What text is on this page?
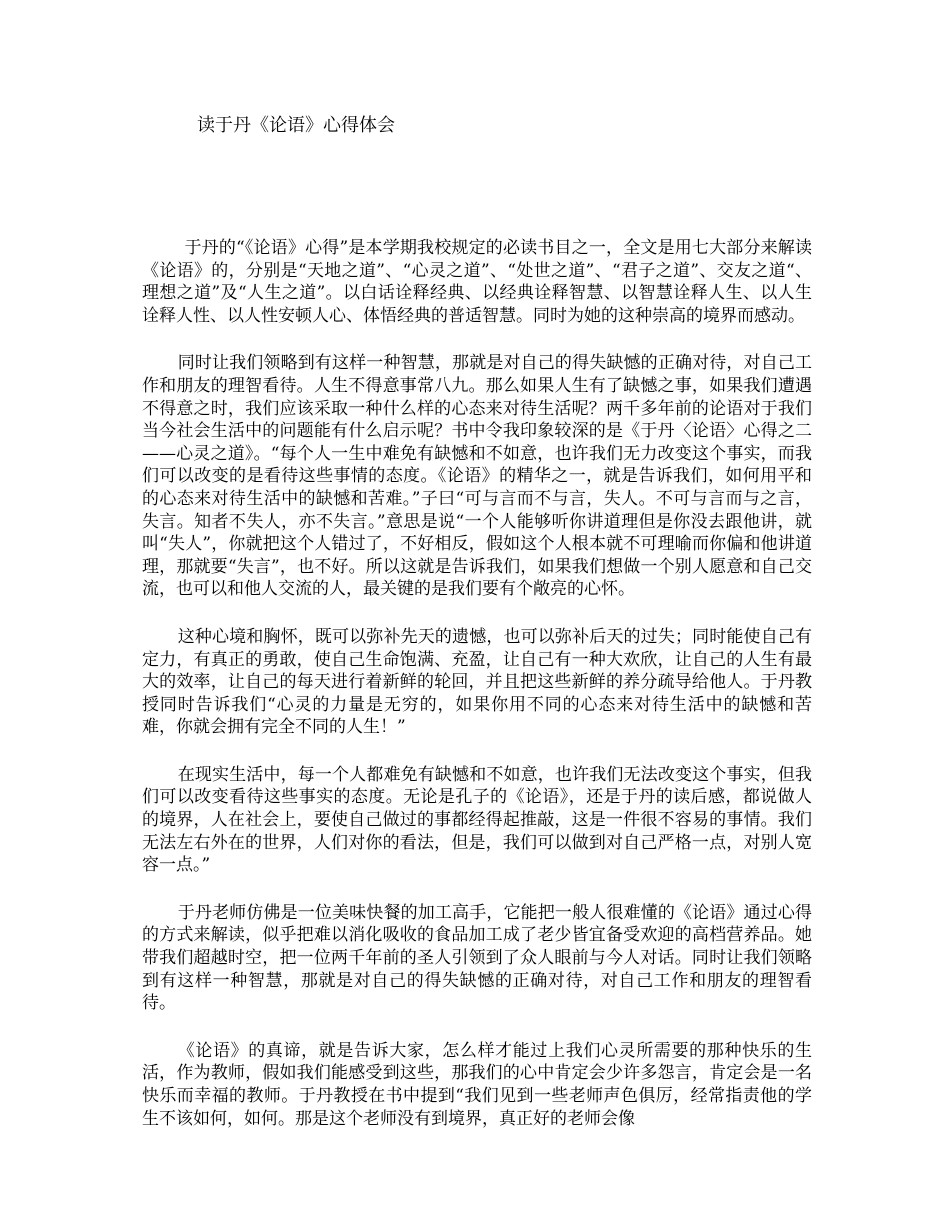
读于丹《论语》心得体会

于丹的“《论语》心得”是本学期我校规定的必读书目之一，全文是用七大部分来解读《论语》的，分别是“天地之道”、“心灵之道”、“处世之道”、“君子之道”、交友之道“、理想之道”及“人生之道”。以白话诠释经典、以经典诠释智慧、以智慧诠释人生、以人生诠释人性、以人性安顿人心、体悟经典的普适智慧。同时为她的这种崇高的境界而感动。

同时让我们领略到有这样一种智慧，那就是对自己的得失缺憾的正确对待，对自己工作和朋友的理智看待。人生不得意事常八九。那么如果人生有了缺憾之事，如果我们遭遇不得意之时，我们应该采取一种什么样的心态来对待生活呢？两千多年前的论语对于我们当今社会生活中的问题能有什么启示呢？书中令我印象较深的是《于丹〈论语〉心得之二——心灵之道》。“每个人一生中难免有缺憾和不如意，也许我们无力改变这个事实，而我们可以改变的是看待这些事情的态度。《论语》的精华之一，就是告诉我们，如何用平和的心态来对待生活中的缺憾和苦难。”子曰“可与言而不与言，失人。不可与言而与之言，失言。知者不失人，亦不失言。”意思是说“一个人能够听你讲道理但是你没去跟他讲，就叫“失人”，你就把这个人错过了，不好相反，假如这个人根本就不可理喻而你偏和他讲道理，那就要“失言”，也不好。所以这就是告诉我们，如果我们想做一个别人愿意和自己交流，也可以和他人交流的人，最关键的是我们要有个敞亮的心怀。

这种心境和胸怀，既可以弥补先天的遗憾，也可以弥补后天的过失；同时能使自己有定力，有真正的勇敢，使自己生命饱满、充盈，让自己有一种大欢欣，让自己的人生有最大的效率，让自己的每天进行着新鲜的轮回，并且把这些新鲜的养分疏导给他人。于丹教授同时告诉我们“心灵的力量是无穷的，如果你用不同的心态来对待生活中的缺憾和苦难，你就会拥有完全不同的人生！”

在现实生活中，每一个人都难免有缺憾和不如意，也许我们无法改变这个事实，但我们可以改变看待这些事实的态度。无论是孔子的《论语》，还是于丹的读后感，都说做人的境界，人在社会上，要使自己做过的事都经得起推敲，这是一件很不容易的事情。我们无法左右外在的世界，人们对你的看法，但是，我们可以做到对自己严格一点，对别人宽容一点。”

于丹老师仿佛是一位美味快餐的加工高手，它能把一般人很难懂的《论语》通过心得的方式来解读，似乎把难以消化吸收的食品加工成了老少皆宜备受欢迎的高档营养品。她带我们超越时空，把一位两千年前的圣人引领到了众人眼前与今人对话。同时让我们领略到有这样一种智慧，那就是对自己的得失缺憾的正确对待，对自己工作和朋友的理智看待。

《论语》的真谛，就是告诉大家，怎么样才能过上我们心灵所需要的那种快乐的生活，作为教师，假如我们能感受到这些，那我们的心中肯定会少许多怨言，肯定会是一名快乐而幸福的教师。于丹教授在书中提到“我们见到一些老师声色俱厉，经常指责他的学生不该如何，如何。那是这个老师没有到境界，真正好的老师会像
